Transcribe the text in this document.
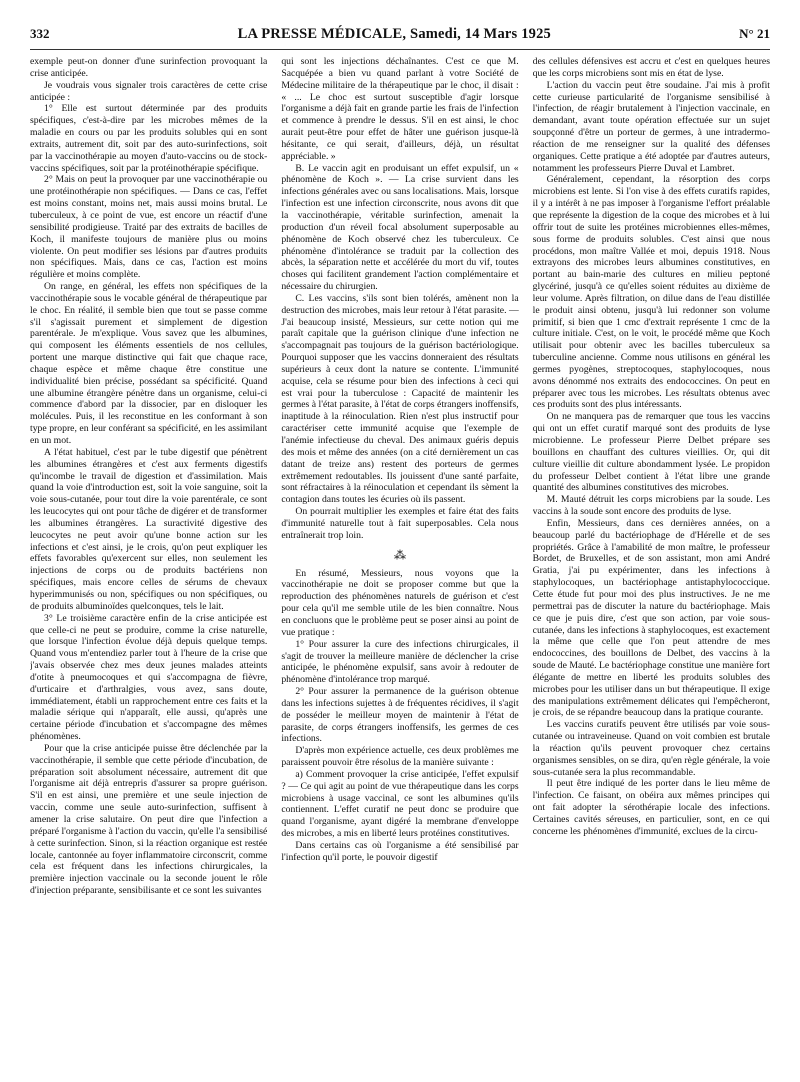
332	LA PRESSE MÉDICALE, Samedi, 14 Mars 1925	N° 21

exemple peut-on donner d'une surinfection provoquant la crise anticipée.

Je voudrais vous signaler trois caractères de cette crise anticipée :

1° Elle est surtout déterminée par des produits spécifiques, c'est-à-dire par les microbes mêmes de la maladie en cours ou par les produits solubles qui en sont extraits, autrement dit, soit par des auto-surinfections, soit par la vaccinothérapie au moyen d'auto-vaccins ou de stock-vaccins spécifiques, soit par la protéinothérapie spécifique.

2° Mais on peut la provoquer par une vaccinothérapie ou une protéinothérapie non spécifiques. — Dans ce cas, l'effet est moins constant, moins net, mais aussi moins brutal. Le tuberculeux, à ce point de vue, est encore un réactif d'une sensibilité prodigieuse. Traité par des extraits de bacilles de Koch, il manifeste toujours de manière plus ou moins violente. On peut modifier ses lésions par d'autres produits non spécifiques. Mais, dans ce cas, l'action est moins régulière et moins complète.

On range, en général, les effets non spécifiques de la vaccinothérapie sous le vocable général de thérapeutique par le choc. En réalité, il semble bien que tout se passe comme s'il s'agissait purement et simplement de digestion parentérale. Je m'explique. Vous savez que les albumines, qui composent les éléments essentiels de nos cellules, portent une marque distinctive qui fait que chaque race, chaque espèce et même chaque être constitue une individualité bien précise, possédant sa spécificité. Quand une albumine étrangère pénètre dans un organisme, celui-ci commence d'abord par la dissocier, par en disloquer les molécules. Puis, il les reconstitue en les conformant à son type propre, en leur conférant sa spécificité, en les assimilant en un mot.

A l'état habituel, c'est par le tube digestif que pénètrent les albumines étrangères et c'est aux ferments digestifs qu'incombe le travail de digestion et d'assimilation. Mais quand la voie d'introduction est, soit la voie sanguine, soit la voie sous-cutanée, pour tout dire la voie parentérale, ce sont les leucocytes qui ont pour tâche de digérer et de transformer les albumines étrangères. La suractivité digestive des leucocytes ne peut avoir qu'une bonne action sur les infections et c'est ainsi, je le crois, qu'on peut expliquer les effets favorables qu'exercent sur elles, non seulement les injections de corps ou de produits bactériens non spécifiques, mais encore celles de sérums de chevaux hyperimmunisés ou non, spécifiques ou non spécifiques, ou de produits albuminoïdes quelconques, tels le lait.

3° Le troisième caractère enfin de la crise anticipée est que celle-ci ne peut se produire, comme la crise naturelle, que lorsque l'infection évolue déjà depuis quelque temps. Quand vous m'entendiez parler tout à l'heure de la crise que j'avais observée chez mes deux jeunes malades atteints d'otite à pneumocoques et qui s'accompagna de fièvre, d'urticaire et d'arthralgies, vous avez, sans doute, immédiatement, établi un rapprochement entre ces faits et la maladie sérique qui n'apparaît, elle aussi, qu'après une certaine période d'incubation et s'accompagne des mêmes phénomènes.

Pour que la crise anticipée puisse être déclenchée par la vaccinothérapie, il semble que cette période d'incubation, de préparation soit absolument nécessaire, autrement dit que l'organisme ait déjà entrepris d'assurer sa propre guérison. S'il en est ainsi, une première et une seule injection de vaccin, comme une seule auto-surinfection, suffisent à amener la crise salutaire. On peut dire que l'infection a préparé l'organisme à l'action du vaccin, qu'elle l'a sensibilisé à cette surinfection. Sinon, si la réaction organique est restée locale, cantonnée au foyer inflammatoire circonscrit, comme cela est fréquent dans les infections chirurgicales, la première injection vaccinale ou la seconde jouent le rôle d'injection préparante, sensibilisante et ce sont les suivantes

qui sont les injections déchaînantes. C'est ce que M. Sacquépée a bien vu quand parlant à votre Société de Médecine militaire de la thérapeutique par le choc, il disait : « ... Le choc est surtout susceptible d'agir lorsque l'organisme a déjà fait en grande partie les frais de l'infection et commence à prendre le dessus. S'il en est ainsi, le choc aurait peut-être pour effet de hâter une guérison jusque-là hésitante, ce qui serait, d'ailleurs, déjà, un résultat appréciable. »

B. Le vaccin agit en produisant un effet expulsif, un « phénomène de Koch ». — La crise survient dans les infections générales avec ou sans localisations. Mais, lorsque l'infection est une infection circonscrite, nous avons dit que la vaccinothérapie, véritable surinfection, amenait la production d'un réveil focal absolument superposable au phénomène de Koch observé chez les tuberculeux. Ce phénomène d'intolérance se traduit par la collection des abcès, la séparation nette et accélérée du mort du vif, toutes choses qui facilitent grandement l'action complémentaire et nécessaire du chirurgien.

C. Les vaccins, s'ils sont bien tolérés, amènent non la destruction des microbes, mais leur retour à l'état parasite. — J'ai beaucoup insisté, Messieurs, sur cette notion qui me paraît capitale que la guérison clinique d'une infection ne s'accompagnait pas toujours de la guérison bactériologique. Pourquoi supposer que les vaccins donneraient des résultats supérieurs à ceux dont la nature se contente. L'immunité acquise, cela se résume pour bien des infections à ceci qui est vrai pour la tuberculose : Capacité de maintenir les germes à l'état parasite, à l'état de corps étrangers inoffensifs, inaptitude à la réinoculation. Rien n'est plus instructif pour caractériser cette immunité acquise que l'exemple de l'anémie infectieuse du cheval. Des animaux guéris depuis des mois et même des années (on a cité dernièrement un cas datant de treize ans) restent des porteurs de germes extrêmement redoutables. Ils jouissent d'une santé parfaite, sont réfractaires à la réinoculation et cependant ils sèment la contagion dans toutes les écuries où ils passent.

On pourrait multiplier les exemples et faire état des faits d'immunité naturelle tout à fait superposables. Cela nous entraînerait trop loin.

⁂

En résumé, Messieurs, nous voyons que la vaccinothérapie ne doit se proposer comme but que la reproduction des phénomènes naturels de guérison et c'est pour cela qu'il me semble utile de les bien connaître. Nous en concluons que le problème peut se poser ainsi au point de vue pratique :

1° Pour assurer la cure des infections chirurgicales, il s'agit de trouver la meilleure manière de déclencher la crise anticipée, le phénomène expulsif, sans avoir à redouter de phénomène d'intolérance trop marqué.

2° Pour assurer la permanence de la guérison obtenue dans les infections sujettes à de fréquentes récidives, il s'agit de posséder le meilleur moyen de maintenir à l'état de parasite, de corps étrangers inoffensifs, les germes de ces infections.

D'après mon expérience actuelle, ces deux problèmes me paraissent pouvoir être résolus de la manière suivante :

a) Comment provoquer la crise anticipée, l'effet expulsif ? — Ce qui agit au point de vue thérapeutique dans les corps microbiens à usage vaccinal, ce sont les albumines qu'ils contiennent. L'effet curatif ne peut donc se produire que quand l'organisme, ayant digéré la membrane d'enveloppe des microbes, a mis en liberté leurs protéines constitutives.

Dans certains cas où l'organisme a été sensibilisé par l'infection qu'il porte, le pouvoir digestif

des cellules défensives est accru et c'est en quelques heures que les corps microbiens sont mis en état de lyse.

L'action du vaccin peut être soudaine. J'ai mis à profit cette curieuse particularité de l'organisme sensibilisé à l'infection, de réagir brutalement à l'injection vaccinale, en demandant, avant toute opération effectuée sur un sujet soupçonné d'être un porteur de germes, à une intradermo-réaction de me renseigner sur la qualité des défenses organiques. Cette pratique a été adoptée par d'autres auteurs, notamment les professeurs Pierre Duval et Lambret.

Généralement, cependant, la résorption des corps microbiens est lente. Si l'on vise à des effets curatifs rapides, il y a intérêt à ne pas imposer à l'organisme l'effort préalable que représente la digestion de la coque des microbes et à lui offrir tout de suite les protéines microbiennes elles-mêmes, sous forme de produits solubles. C'est ainsi que nous procédons, mon maître Vallée et moi, depuis 1918. Nous extrayons des microbes leurs albumines constitutives, en portant au bain-marie des cultures en milieu peptoné glycériné, jusqu'à ce qu'elles soient réduites au dixième de leur volume. Après filtration, on dilue dans de l'eau distillée le produit ainsi obtenu, jusqu'à lui redonner son volume primitif, si bien que 1 cmc d'extrait représente 1 cmc de la culture initiale. C'est, on le voit, le procédé même que Koch utilisait pour obtenir avec les bacilles tuberculeux sa tuberculine ancienne. Comme nous utilisons en général les germes pyogènes, streptocoques, staphylocoques, nous avons dénommé nos extraits des endococcines. On peut en préparer avec tous les microbes. Les résultats obtenus avec ces produits sont des plus intéressants.

On ne manquera pas de remarquer que tous les vaccins qui ont un effet curatif marqué sont des produits de lyse microbienne. Le professeur Pierre Delbet prépare ses bouillons en chauffant des cultures vieillies. Or, qui dit culture vieillie dit culture abondamment lysée. Le propidon du professeur Delbet contient à l'état libre une grande quantité des albumines constitutives des microbes.

M. Mauté détruit les corps microbiens par la soude. Les vaccins à la soude sont encore des produits de lyse.

Enfin, Messieurs, dans ces dernières années, on a beaucoup parlé du bactériophage de d'Hérelle et de ses propriétés. Grâce à l'amabilité de mon maître, le professeur Bordet, de Bruxelles, et de son assistant, mon ami André Gratia, j'ai pu expérimenter, dans les infections à staphylocoques, un bactériophage antistaphylococcique. Cette étude fut pour moi des plus instructives. Je ne me permettrai pas de discuter la nature du bactériophage. Mais ce que je puis dire, c'est que son action, par voie sous-cutanée, dans les infections à staphylocoques, est exactement la même que celle que l'on peut attendre de mes endococcines, des bouillons de Delbet, des vaccins à la soude de Mauté. Le bactériophage constitue une manière fort élégante de mettre en liberté les produits solubles des microbes pour les utiliser dans un but thérapeutique. Il exige des manipulations extrêmement délicates qui l'empêcheront, je crois, de se répandre beaucoup dans la pratique courante.

Les vaccins curatifs peuvent être utilisés par voie sous-cutanée ou intraveineuse. Quand on voit combien est brutale la réaction qu'ils peuvent provoquer chez certains organismes sensibles, on se dira, qu'en règle générale, la voie sous-cutanée sera la plus recommandable.

Il peut être indiqué de les porter dans le lieu même de l'infection. Ce faisant, on obéira aux mêmes principes qui ont fait adopter la sérothérapie locale des infections. Certaines cavités séreuses, en particulier, sont, en ce qui concerne les phénomènes d'immunité, exclues de la circu-
